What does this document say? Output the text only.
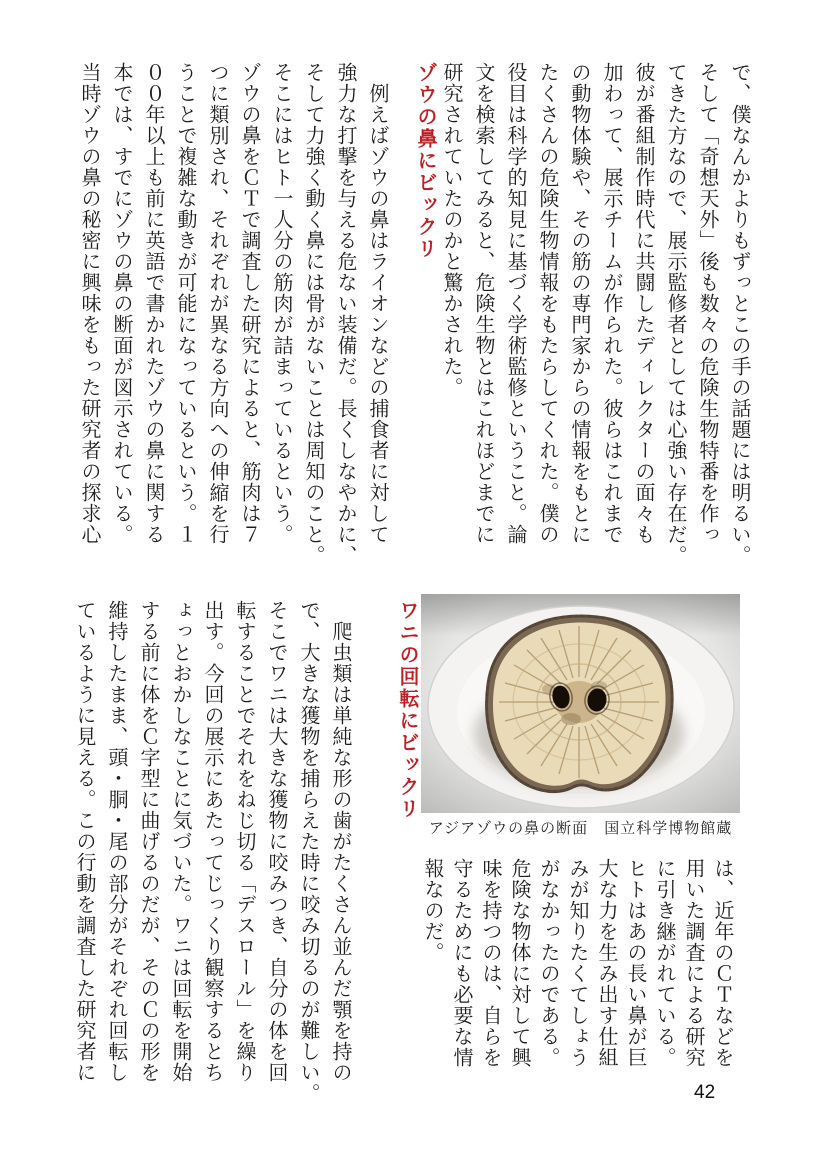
で、僕なんかよりもずっとこの手の話題には明るい。
そして「奇想天外」後も数々の危険生物特番を作っ
てきた方なので、展示監修者としては心強い存在だ。
彼が番組制作時代に共闘したディレクターの面々も
加わって、展示チームが作られた。彼らはこれまで
の動物体験や、その筋の専門家からの情報をもとに
たくさんの危険生物情報をもたらしてくれた。僕の
役目は科学的知見に基づく学術監修ということ。論
文を検索してみると、危険生物とはこれほどまでに
研究されていたのかと驚かされた。
ゾウの鼻にビックリ
　例えばゾウの鼻はライオンなどの捕食者に対して
強力な打撃を与える危ない装備だ。長くしなやかに、
そして力強く動く鼻には骨がないことは周知のこと。
そこにはヒト一人分の筋肉が詰まっているという。
ゾウの鼻をＣＴで調査した研究によると、筋肉は７
つに類別され、それぞれが異なる方向への伸縮を行
うことで複雑な動きが可能になっているという。１
００年以上も前に英語で書かれたゾウの鼻に関する
本では、すでにゾウの鼻の断面が図示されている。
当時ゾウの鼻の秘密に興味をもった研究者の探求心
アジアゾウの鼻の断面 国立科学博物館蔵
は、近年のＣＴなどを
用いた調査による研究
に引き継がれている。
ヒトはあの長い鼻が巨
大な力を生み出す仕組
みが知りたくてしょう
がなかったのである。
危険な物体に対して興
味を持つのは、自らを
守るためにも必要な情
報なのだ。
ワニの回転にビックリ
　爬虫類は単純な形の歯がたくさん並んだ顎を持の
で、大きな獲物を捕らえた時に咬み切るのが難しい。
そこでワニは大きな獲物に咬みつき、自分の体を回
転することでそれをねじ切る「デスロール」を繰り
出す。今回の展示にあたってじっくり観察するとち
ょっとおかしなことに気づいた。ワニは回転を開始
する前に体をＣ字型に曲げるのだが、そのＣの形を
維持したまま、頭・胴・尾の部分がそれぞれ回転し
ているように見える。この行動を調査した研究者に
42
